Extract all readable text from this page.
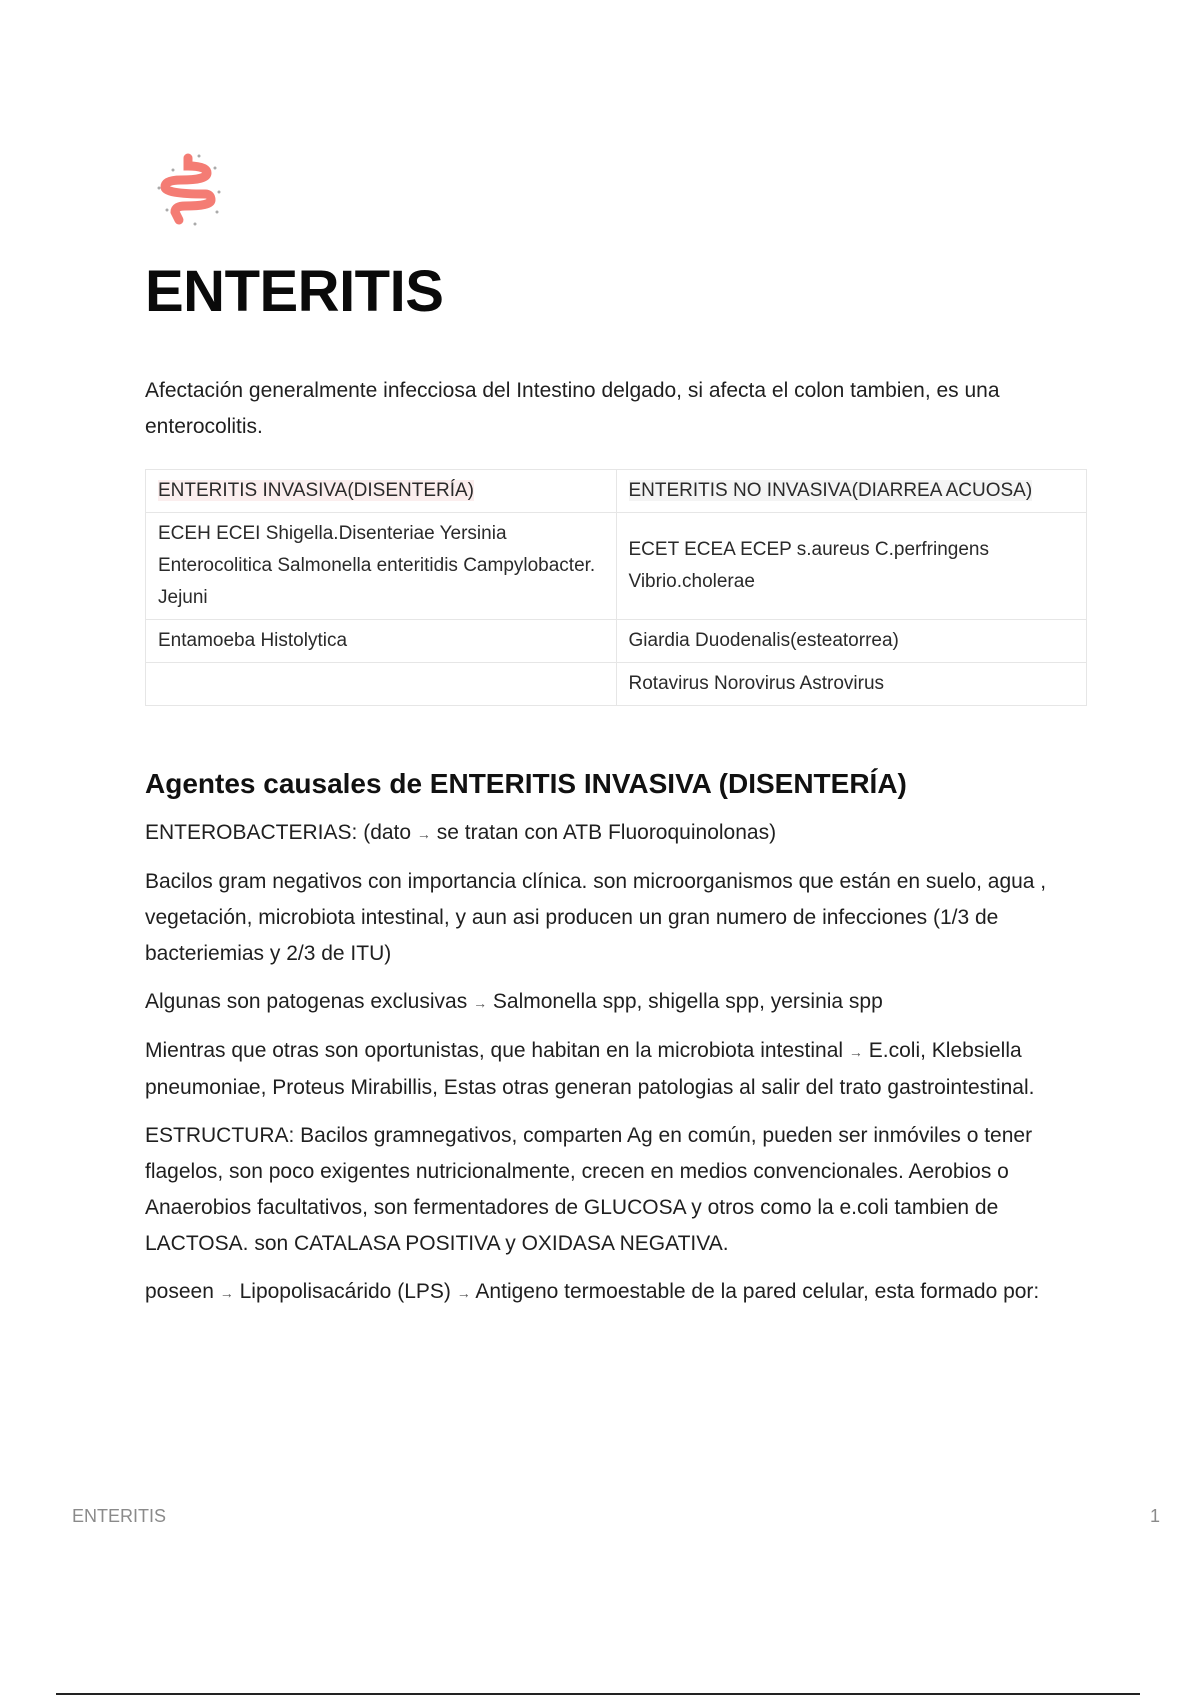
ENTERITIS

Afectación generalmente infecciosa del Intestino delgado, si afecta el colon tambien, es una enterocolitis.

ENTERITIS INVASIVA(DISENTERÍA)	ENTERITIS NO INVASIVA(DIARREA ACUOSA)
ECEH ECEI Shigella.Disenteriae Yersinia Enterocolitica Salmonella enteritidis Campylobacter. Jejuni	ECET ECEA ECEP s.aureus C.perfringens Vibrio.cholerae
Entamoeba Histolytica	Giardia Duodenalis(esteatorrea)
	Rotavirus Norovirus Astrovirus
Agentes causales de ENTERITIS INVASIVA (DISENTERÍA)

ENTEROBACTERIAS: (dato → se tratan con ATB Fluoroquinolonas)

Bacilos gram negativos con importancia clínica. son microorganismos que están en suelo, agua , vegetación, microbiota intestinal, y aun asi producen un gran numero de infecciones (1/3 de bacteriemias y 2/3 de ITU)

Algunas son patogenas exclusivas → Salmonella spp, shigella spp, yersinia spp

Mientras que otras son oportunistas, que habitan en la microbiota intestinal → E.coli, Klebsiella pneumoniae, Proteus Mirabillis, Estas otras generan patologias al salir del trato gastrointestinal.

ESTRUCTURA: Bacilos gramnegativos, comparten Ag en común, pueden ser inmóviles o tener flagelos, son poco exigentes nutricionalmente, crecen en medios convencionales. Aerobios o Anaerobios facultativos, son fermentadores de GLUCOSA y otros como la e.coli tambien de LACTOSA. son CATALASA POSITIVA y OXIDASA NEGATIVA.

poseen → Lipopolisacárido (LPS) → Antigeno termoestable de la pared celular, esta formado por:

ENTERITIS	1
